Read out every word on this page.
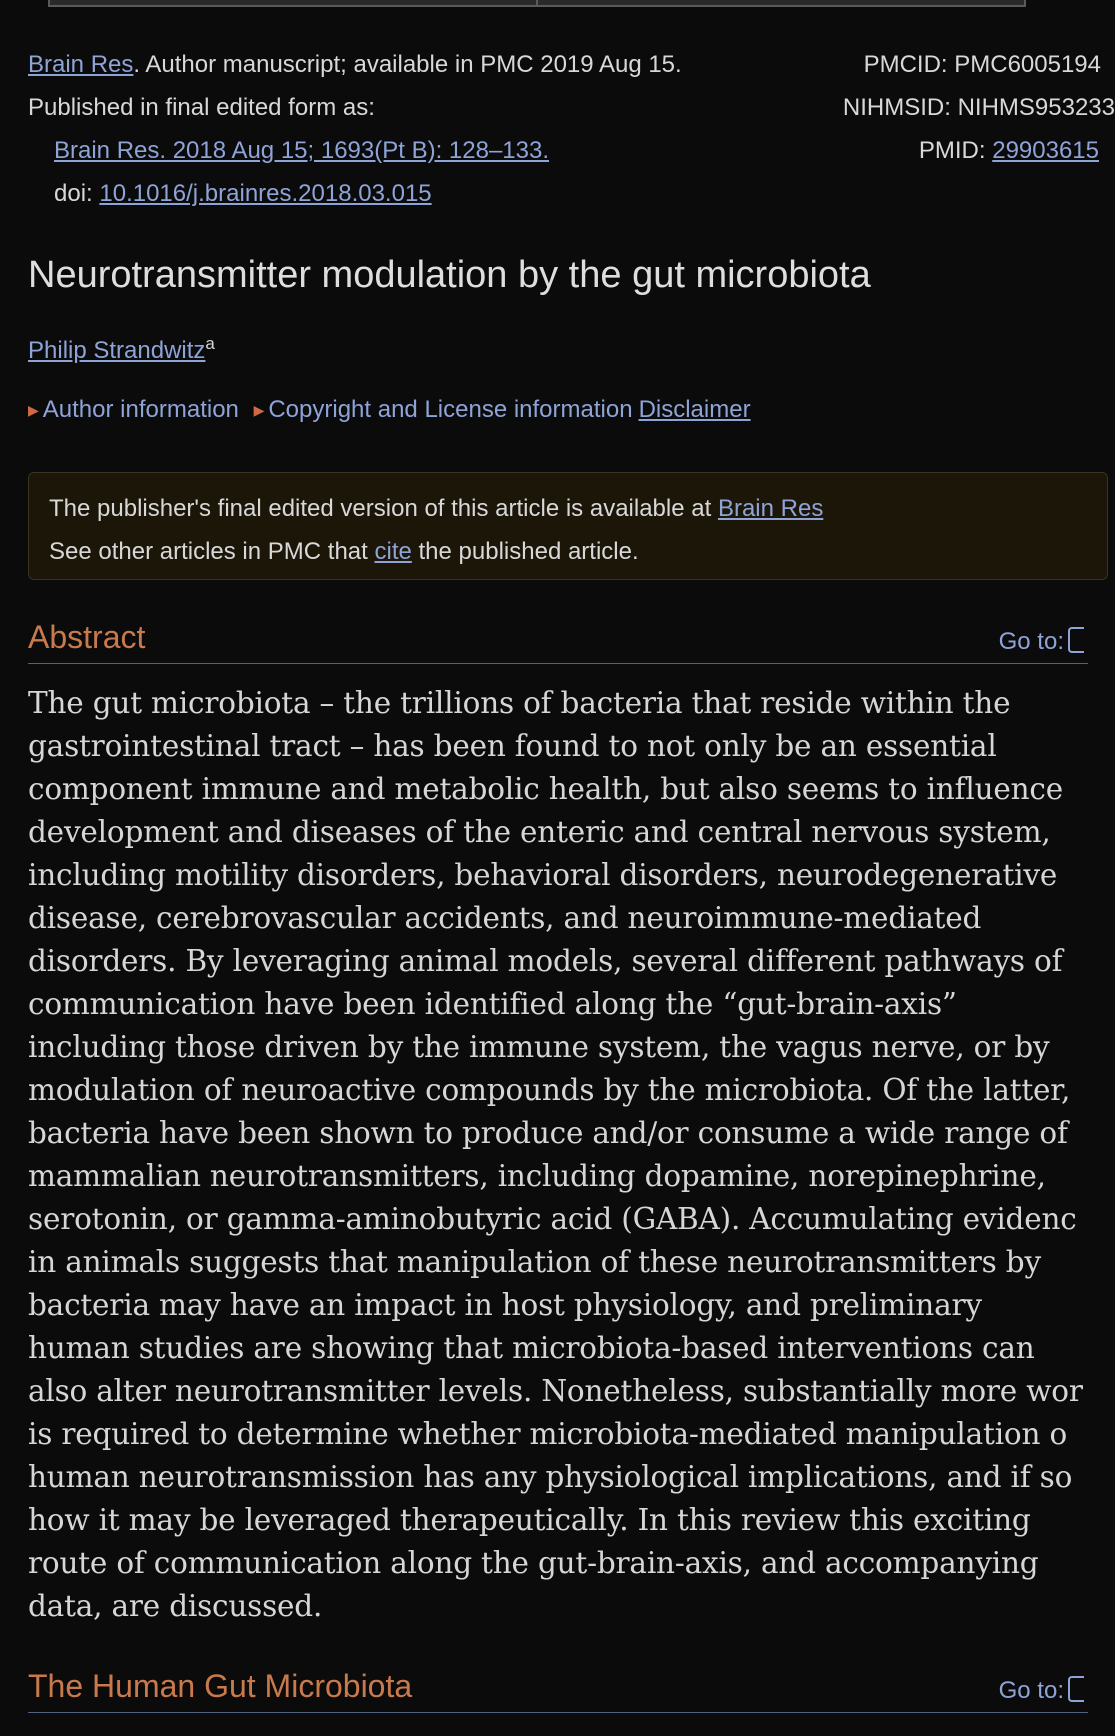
Brain Res. Author manuscript; available in PMC 2019 Aug 15.	PMCID: PMC6005194
Published in final edited form as:	NIHMSID: NIHMS953233
Brain Res. 2018 Aug 15; 1693(Pt B): 128–133.	PMID: 29903615
doi: 10.1016/j.brainres.2018.03.015
Neurotransmitter modulation by the gut microbiota
Philip Strandwitz$^a$
▶ Author information ▶ Copyright and License information Disclaimer
The publisher's final edited version of this article is available at Brain Res
See other articles in PMC that cite the published article.
Abstract	Go to:
The gut microbiota – the trillions of bacteria that reside within the
gastrointestinal tract – has been found to not only be an essential
component immune and metabolic health, but also seems to influence
development and diseases of the enteric and central nervous system,
including motility disorders, behavioral disorders, neurodegenerative
disease, cerebrovascular accidents, and neuroimmune-mediated
disorders. By leveraging animal models, several different pathways of
communication have been identified along the “gut-brain-axis”
including those driven by the immune system, the vagus nerve, or by
modulation of neuroactive compounds by the microbiota. Of the latter,
bacteria have been shown to produce and/or consume a wide range of
mammalian neurotransmitters, including dopamine, norepinephrine,
serotonin, or gamma-aminobutyric acid (GABA). Accumulating evidenc
in animals suggests that manipulation of these neurotransmitters by
bacteria may have an impact in host physiology, and preliminary
human studies are showing that microbiota-based interventions can
also alter neurotransmitter levels. Nonetheless, substantially more wor
is required to determine whether microbiota-mediated manipulation o
human neurotransmission has any physiological implications, and if so
how it may be leveraged therapeutically. In this review this exciting
route of communication along the gut-brain-axis, and accompanying
data, are discussed.
The Human Gut Microbiota	Go to:
